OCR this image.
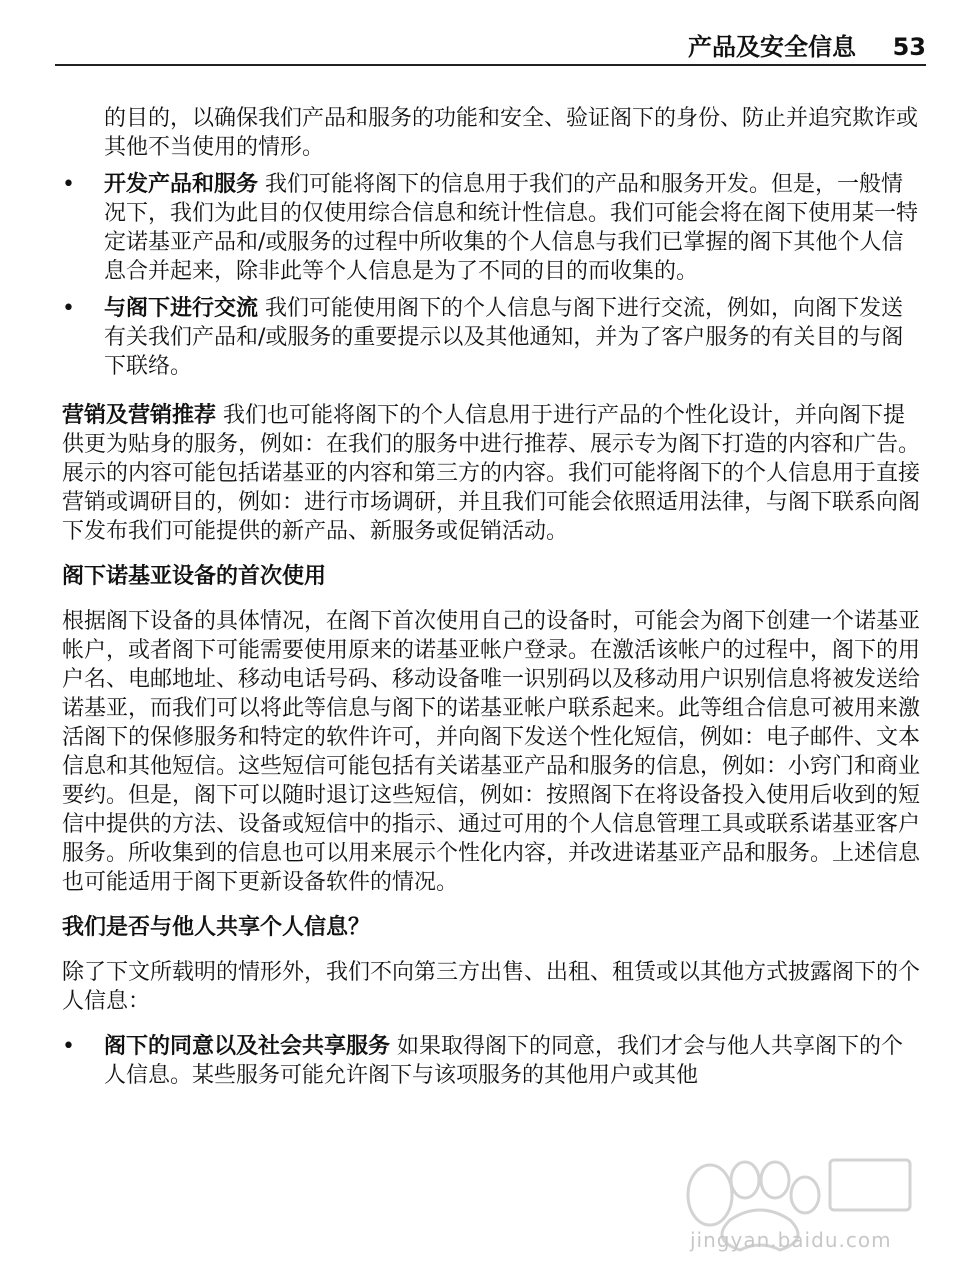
产品及安全信息 53

的目的，以确保我们产品和服务的功能和安全、验证阁下的身份、防止并追究欺诈或其他不当使用的情形。

•	开发产品和服务 我们可能将阁下的信息用于我们的产品和服务开发。但是，一般情况下，我们为此目的仅使用综合信息和统计性信息。我们可能会将在阁下使用某一特定诺基亚产品和/或服务的过程中所收集的个人信息与我们已掌握的阁下其他个人信息合并起来，除非此等个人信息是为了不同的目的而收集的。
•	与阁下进行交流 我们可能使用阁下的个人信息与阁下进行交流，例如，向阁下发送有关我们产品和/或服务的重要提示以及其他通知，并为了客户服务的有关目的与阁下联络。

营销及营销推荐 我们也可能将阁下的个人信息用于进行产品的个性化设计，并向阁下提供更为贴身的服务，例如：在我们的服务中进行推荐、展示专为阁下打造的内容和广告。展示的内容可能包括诺基亚的内容和第三方的内容。我们可能将阁下的个人信息用于直接营销或调研目的，例如：进行市场调研，并且我们可能会依照适用法律，与阁下联系向阁下发布我们可能提供的新产品、新服务或促销活动。

阁下诺基亚设备的首次使用

根据阁下设备的具体情况，在阁下首次使用自己的设备时，可能会为阁下创建一个诺基亚帐户，或者阁下可能需要使用原来的诺基亚帐户登录。在激活该帐户的过程中，阁下的用户名、电邮地址、移动电话号码、移动设备唯一识别码以及移动用户识别信息将被发送给诺基亚，而我们可以将此等信息与阁下的诺基亚帐户联系起来。此等组合信息可被用来激活阁下的保修服务和特定的软件许可，并向阁下发送个性化短信，例如：电子邮件、文本信息和其他短信。这些短信可能包括有关诺基亚产品和服务的信息，例如：小窍门和商业要约。但是，阁下可以随时退订这些短信，例如：按照阁下在将设备投入使用后收到的短信中提供的方法、设备或短信中的指示、通过可用的个人信息管理工具或联系诺基亚客户服务。所收集到的信息也可以用来展示个性化内容，并改进诺基亚产品和服务。上述信息也可能适用于阁下更新设备软件的情况。

我们是否与他人共享个人信息？

除了下文所载明的情形外，我们不向第三方出售、出租、租赁或以其他方式披露阁下的个人信息：

•	阁下的同意以及社会共享服务 如果取得阁下的同意，我们才会与他人共享阁下的个人信息。某些服务可能允许阁下与该项服务的其他用户或其他
jingyan.baidu.com
